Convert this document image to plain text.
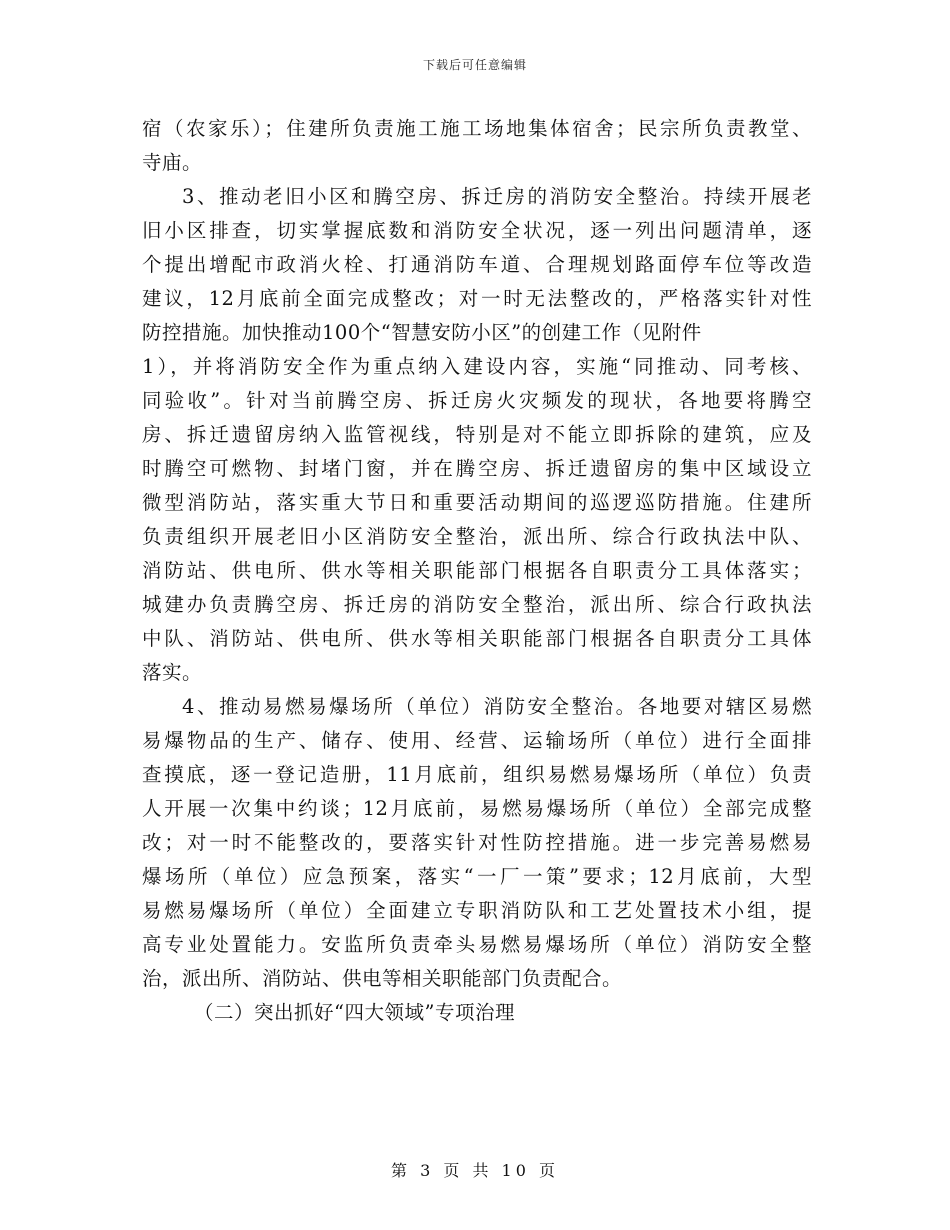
下载后可任意编辑
宿（农家乐）；住建所负责施工施工场地集体宿舍；民宗所负责教堂、
寺庙。
3、推动老旧小区和腾空房、拆迁房的消防安全整治。持续开展老
旧小区排查，切实掌握底数和消防安全状况，逐一列出问题清单，逐
个提出增配市政消火栓、打通消防车道、合理规划路面停车位等改造
建议，12月底前全面完成整改；对一时无法整改的，严格落实针对性
防控措施。加快推动100个“智慧安防小区”的创建工作（见附件
1），并将消防安全作为重点纳入建设内容，实施“同推动、同考核、
同验收”。针对当前腾空房、拆迁房火灾频发的现状，各地要将腾空
房、拆迁遗留房纳入监管视线，特别是对不能立即拆除的建筑，应及
时腾空可燃物、封堵门窗，并在腾空房、拆迁遗留房的集中区域设立
微型消防站，落实重大节日和重要活动期间的巡逻巡防措施。住建所
负责组织开展老旧小区消防安全整治，派出所、综合行政执法中队、
消防站、供电所、供水等相关职能部门根据各自职责分工具体落实；
城建办负责腾空房、拆迁房的消防安全整治，派出所、综合行政执法
中队、消防站、供电所、供水等相关职能部门根据各自职责分工具体
落实。
4、推动易燃易爆场所（单位）消防安全整治。各地要对辖区易燃
易爆物品的生产、储存、使用、经营、运输场所（单位）进行全面排
查摸底，逐一登记造册，11月底前，组织易燃易爆场所（单位）负责
人开展一次集中约谈；12月底前，易燃易爆场所（单位）全部完成整
改；对一时不能整改的，要落实针对性防控措施。进一步完善易燃易
爆场所（单位）应急预案，落实“一厂一策”要求；12月底前，大型
易燃易爆场所（单位）全面建立专职消防队和工艺处置技术小组，提
高专业处置能力。安监所负责牵头易燃易爆场所（单位）消防安全整
治，派出所、消防站、供电等相关职能部门负责配合。
（二）突出抓好“四大领域”专项治理
第 3 页 共 10 页
